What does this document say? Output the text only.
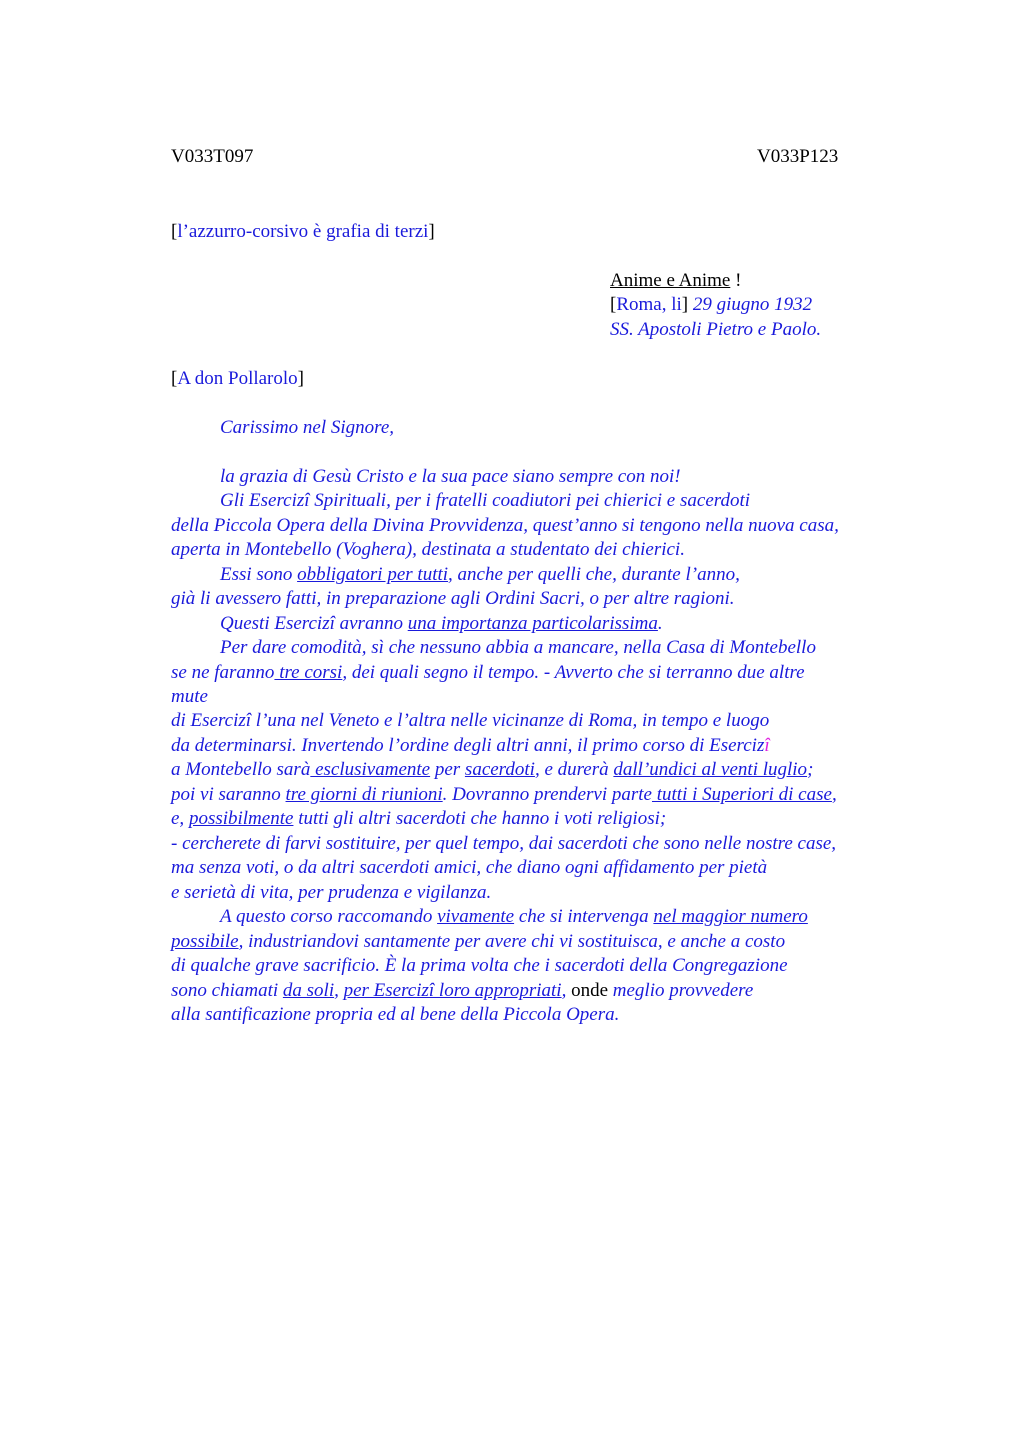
V033T097	V033P123
[l’azzurro-corsivo è grafia di terzi]
Anime e Anime !
[Roma, li] 29 giugno 1932
SS. Apostoli Pietro e Paolo.
[A don Pollarolo]
Carissimo nel Signore,
la grazia di Gesù Cristo e la sua pace siano sempre con noi!
Gli Esercizî Spirituali, per i fratelli coadiutori pei chierici e sacerdoti
della Piccola Opera della Divina Provvidenza, quest’anno si tengono nella nuova casa,
aperta in Montebello (Voghera), destinata a studentato dei chierici.
Essi sono obbligatori per tutti, anche per quelli che, durante l’anno,
già li avessero fatti, in preparazione agli Ordini Sacri, o per altre ragioni.
Questi Esercizî avranno una importanza particolarissima.
Per dare comodità, sì che nessuno abbia a mancare, nella Casa di Montebello
se ne faranno tre corsi, dei quali segno il tempo. - Avverto che si terranno due altre
mute
di Esercizî l’una nel Veneto e l’altra nelle vicinanze di Roma, in tempo e luogo
da determinarsi. Invertendo l’ordine degli altri anni, il primo corso di Esercizî
a Montebello sarà esclusivamente per sacerdoti, e durerà dall’undici al venti luglio;
poi vi saranno tre giorni di riunioni. Dovranno prendervi parte tutti i Superiori di case,
e, possibilmente tutti gli altri sacerdoti che hanno i voti religiosi;
- cercherete di farvi sostituire, per quel tempo, dai sacerdoti che sono nelle nostre case,
ma senza voti, o da altri sacerdoti amici, che diano ogni affidamento per pietà
e serietà di vita, per prudenza e vigilanza.
A questo corso raccomando vivamente che si intervenga nel maggior numero
possibile, industriandovi santamente per avere chi vi sostituisca, e anche a costo
di qualche grave sacrificio. È la prima volta che i sacerdoti della Congregazione
sono chiamati da soli, per Esercizî loro appropriati, onde meglio provvedere
alla santificazione propria ed al bene della Piccola Opera.
